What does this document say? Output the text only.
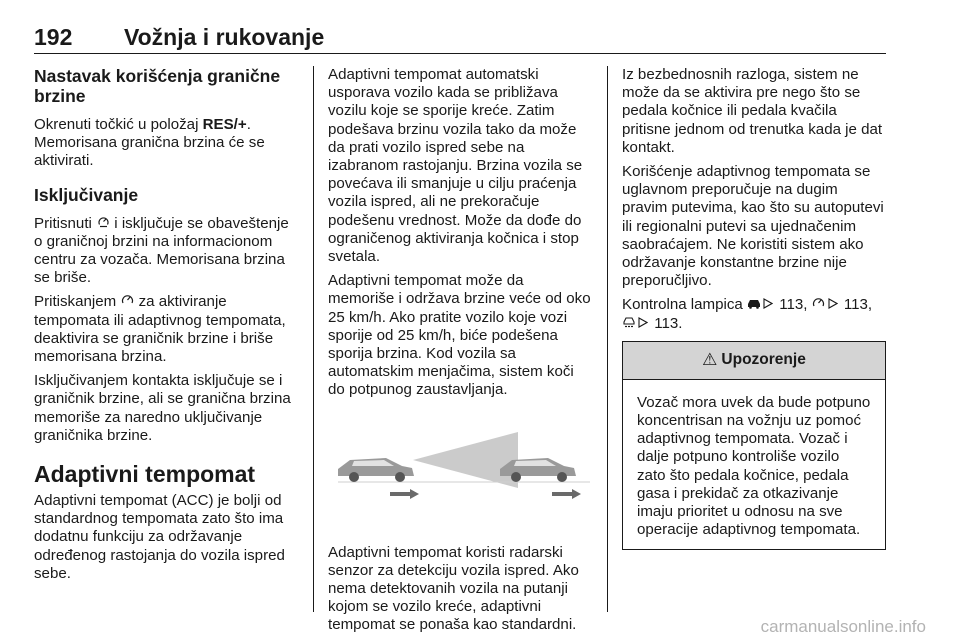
192 Vožnja i rukovanje
Nastavak korišćenja granične brzine

Okrenuti točkić u položaj RES/+. Memorisana granična brzina će se aktivirati.

Isključivanje

Pritisnuti  i isključuje se obaveštenje o graničnoj brzini na informacionom centru za vozača. Memorisana brzina se briše.

Pritiskanjem  za aktiviranje tempomata ili adaptivnog tempomata, deaktivira se graničnik brzine i briše memorisana brzina.

Isključivanjem kontakta isključuje se i graničnik brzine, ali se granična brzina memoriše za naredno uključivanje graničnika brzine.

Adaptivni tempomat

Adaptivni tempomat (ACC) je bolji od standardnog tempomata zato što ima dodatnu funkciju za održavanje određenog rastojanja do vozila ispred sebe.

Adaptivni tempomat automatski usporava vozilo kada se približava vozilu koje se sporije kreće. Zatim podešava brzinu vozila tako da može da prati vozilo ispred sebe na izabranom rastojanju. Brzina vozila se povećava ili smanjuje u cilju praćenja vozila ispred, ali ne prekoračuje podešenu vrednost. Može da dođe do ograničenog aktiviranja kočnica i stop svetala.

Adaptivni tempomat može da memoriše i održava brzine veće od oko 25 km/h. Ako pratite vozilo koje vozi sporije od 25 km/h, biće podešena sporija brzina. Kod vozila sa automatskim menjačima, sistem koči do potpunog zaustavljanja.

Adaptivni tempomat koristi radarski senzor za detekciju vozila ispred. Ako nema detektovanih vozila na putanji kojom se vozilo kreće, adaptivni tempomat se ponaša kao standardni.

Iz bezbednosnih razloga, sistem ne može da se aktivira pre nego što se pedala kočnice ili pedala kvačila pritisne jednom od trenutka kada je dat kontakt.

Korišćenje adaptivnog tempomata se uglavnom preporučuje na dugim pravim putevima, kao što su autoputevi ili regionalni putevi sa ujednačenim saobraćajem. Ne koristiti sistem ako održavanje konstantne brzine nije preporučljivo.

Kontrolna lampica  113,  113,
113.

⚠ Upozorenje

Vozač mora uvek da bude potpuno koncentrisan na vožnju uz pomoć adaptivnog tempomata. Vozač i dalje potpuno kontroliše vozilo zato što pedala kočnice, pedala gasa i prekidač za otkazivanje imaju prioritet u odnosu na sve operacije adaptivnog tempomata.

carmanualsonline.info
